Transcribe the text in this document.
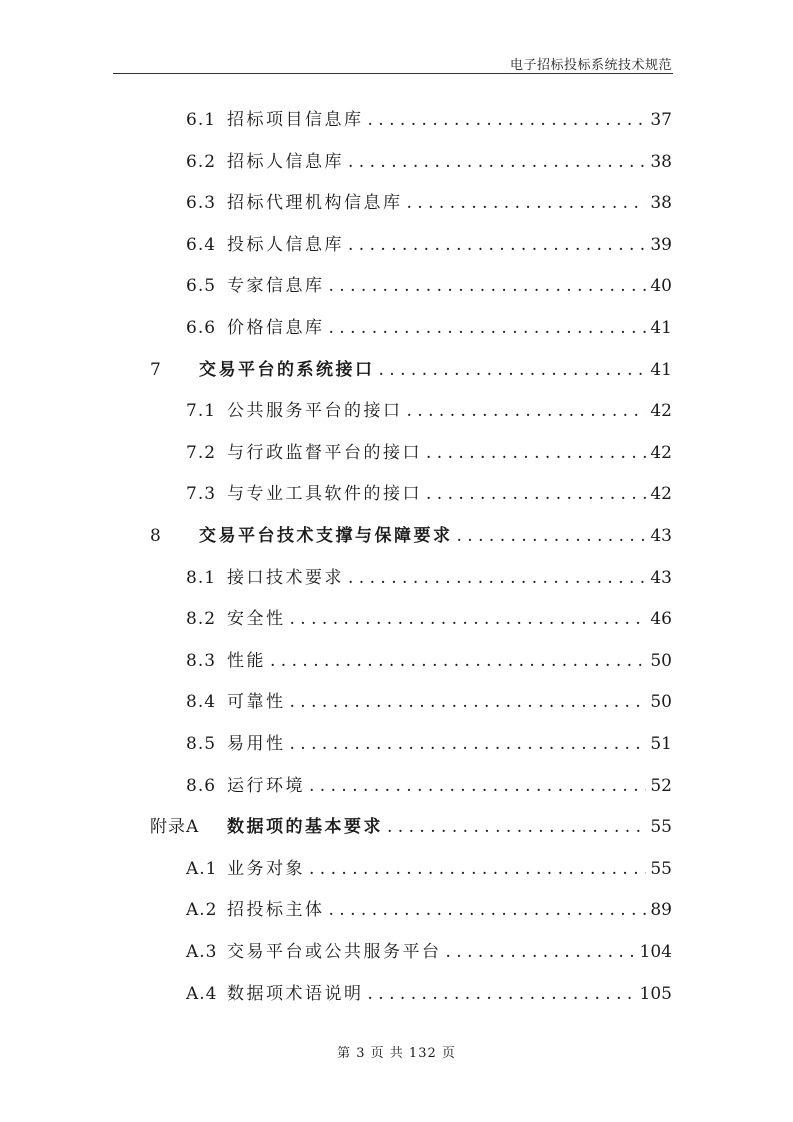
电子招标投标系统技术规范
6.1 招标项目信息库 . . .	37
6.2 招标人信息库 . . .	38
6.3 招标代理机构信息库 . . .	38
6.4 投标人信息库 . . .	39
6.5 专家信息库 . . .	40
6.6 价格信息库 . . .	41
7	交易平台的系统接口 . . .	41
7.1 公共服务平台的接口 . . .	42
7.2 与行政监督平台的接口 . . .	42
7.3 与专业工具软件的接口 . . .	42
8	交易平台技术支撑与保障要求 . . .	43
8.1 接口技术要求 . . .	43
8.2 安全性 . . .	46
8.3 性能 . . .	50
8.4 可靠性 . . .	50
8.5 易用性 . . .	51
8.6 运行环境 . . .	52
附录A	数据项的基本要求 . . .	55
A.1 业务对象 . . .	55
A.2 招投标主体 . . .	89
A.3 交易平台或公共服务平台 . . .	104
A.4 数据项术语说明 . . .	105
第 3 页 共 132 页
